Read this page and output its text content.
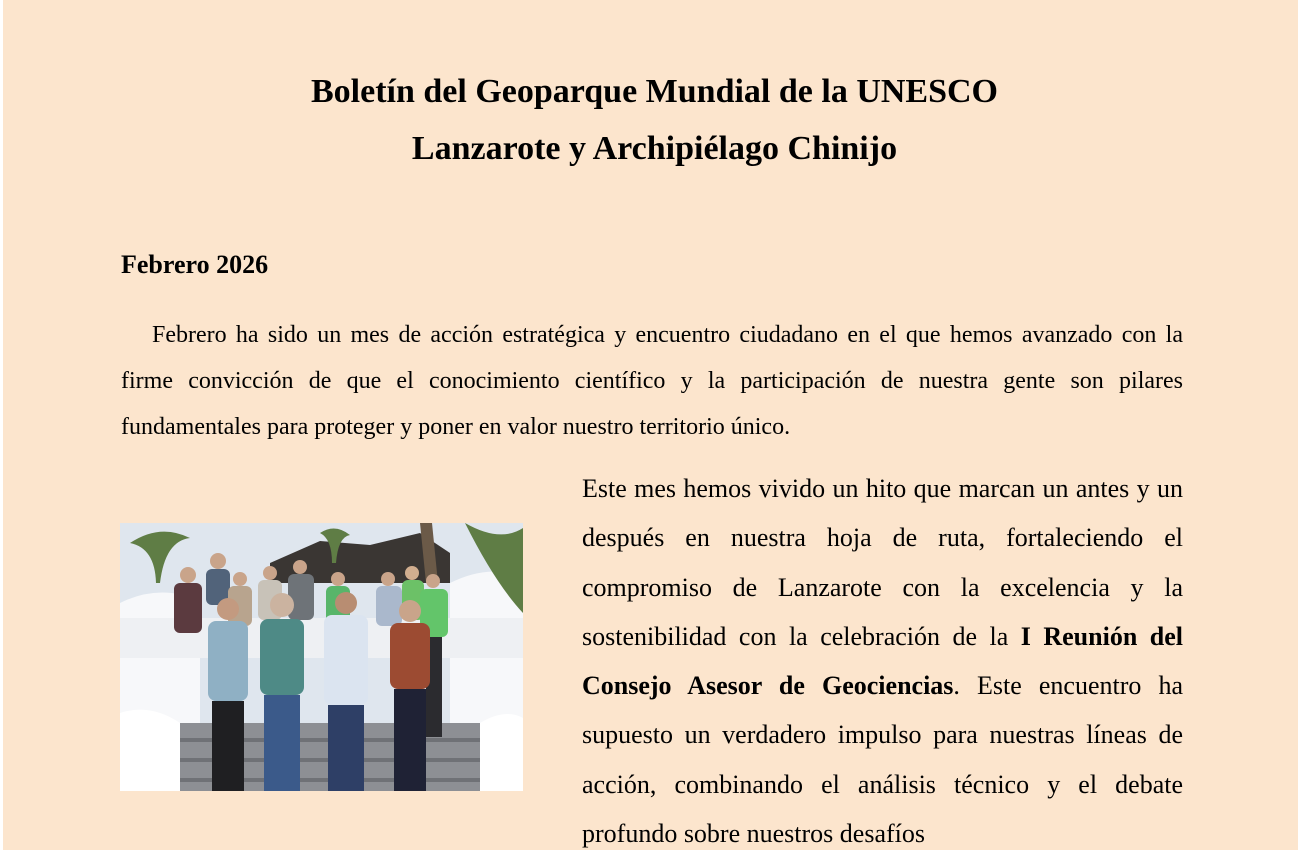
Boletín del Geoparque Mundial de la UNESCO
Lanzarote y Archipiélago Chinijo
Febrero 2026

Febrero ha sido un mes de acción estratégica y encuentro ciudadano en el que hemos avanzado con la firme convicción de que el conocimiento científico y la participación de nuestra gente son pilares fundamentales para proteger y poner en valor nuestro territorio único.

Este mes hemos vivido un hito que marcan un antes y un después en nuestra hoja de ruta, fortaleciendo el compromiso de Lanzarote con la excelencia y la sostenibilidad con la celebración de la I Reunión del Consejo Asesor de Geociencias. Este encuentro ha supuesto un verdadero impulso para nuestras líneas de acción, combinando el análisis técnico y el debate profundo sobre nuestros desafíos
